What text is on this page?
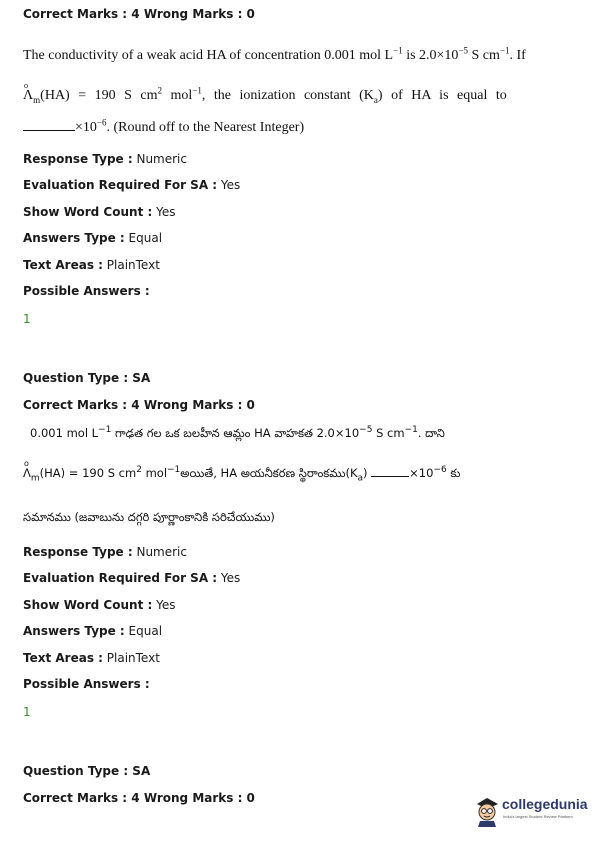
Correct Marks : 4 Wrong Marks : 0
The conductivity of a weak acid HA of concentration 0.001 mol $L^{-1}$ is $2.0\times 10^{-5}$ S $cm^{-1}$. If
o
$\Lambda_m(HA) = 190$ S $cm^2$ mol$^{-1}$, the ionization constant $(K_a)$ of HA is equal to
$\times 10^{-6}$. (Round off to the Nearest Integer)
Response Type : Numeric
Evaluation Required For SA : Yes
Show Word Count : Yes
Answers Type : Equal
Text Areas : PlainText
Possible Answers :
1
Question Type : SA
Correct Marks : 4 Wrong Marks : 0
0.001 mol $L^{-1}$ గాఢత గల ఒక బలహీన ఆమ్లం HA వాహకత $2.0\times 10^{-5}$ S $cm^{-1}$. దాని
o
$\Lambda_m(HA) = 190$ S $cm^2$ mol$^{-1}$అయితే, HA అయనీకరణ $స్థిరాంకము(K_a)$	$\times 10^{-6}$ కు
సమానము (జవాబును దగ్గరి పూర్ణాంకానికి సరిచేయుము)
Response Type : Numeric
Evaluation Required For SA : Yes
Show Word Count : Yes
Answers Type : Equal
Text Areas : PlainText
Possible Answers :
1
Question Type : SA
Correct Marks : 4 Wrong Marks : 0	collegedunia
India's largest Student Review Platform
